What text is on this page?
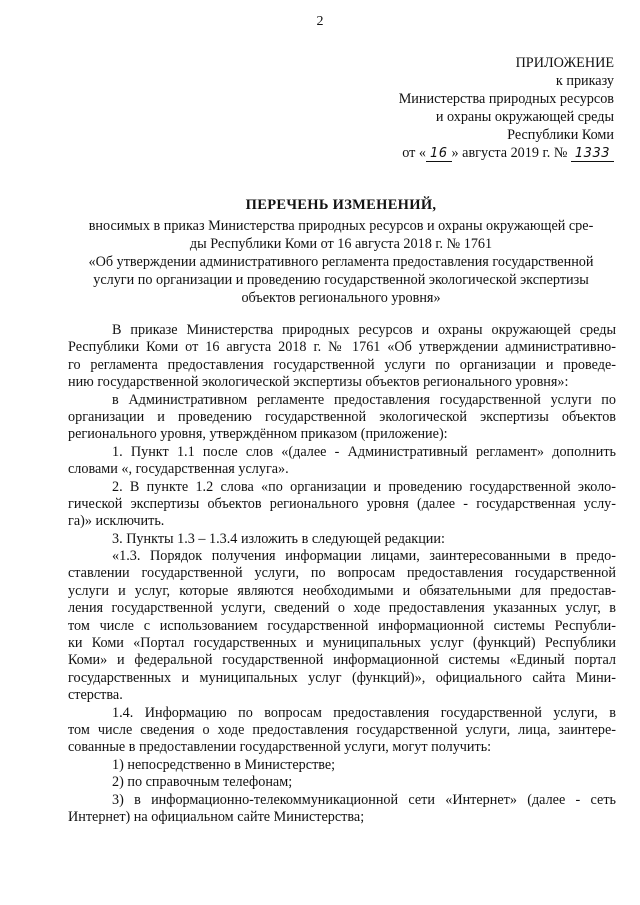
2
ПРИЛОЖЕНИЕ
к приказу
Министерства природных ресурсов
и охраны окружающей среды
Республики Коми
от « 16 » августа 2019 г. № 1333
ПЕРЕЧЕНЬ ИЗМЕНЕНИЙ,
вносимых в приказ Министерства природных ресурсов и охраны окружающей сре-
ды Республики Коми от 16 августа 2018 г. № 1761
«Об утверждении административного регламента предоставления государственной
услуги по организации и проведению государственной экологической экспертизы
объектов регионального уровня»
В приказе Министерства природных ресурсов и охраны окружающей среды
Республики Коми от 16 августа 2018 г. № 1761 «Об утверждении административно-
го регламента предоставления государственной услуги по организации и проведе-
нию государственной экологической экспертизы объектов регионального уровня»:
в Административном регламенте предоставления государственной услуги по
организации и проведению государственной экологической экспертизы объектов
регионального уровня, утверждённом приказом (приложение):
1. Пункт 1.1 после слов «(далее - Административный регламент» дополнить
словами «, государственная услуга».
2. В пункте 1.2 слова «по организации и проведению государственной эколо-
гической экспертизы объектов регионального уровня (далее - государственная услу-
га)» исключить.
3. Пункты 1.3 – 1.3.4 изложить в следующей редакции:
«1.3. Порядок получения информации лицами, заинтересованными в предо-
ставлении государственной услуги, по вопросам предоставления государственной
услуги и услуг, которые являются необходимыми и обязательными для предостав-
ления государственной услуги, сведений о ходе предоставления указанных услуг, в
том числе с использованием государственной информационной системы Республи-
ки Коми «Портал государственных и муниципальных услуг (функций) Республики
Коми» и федеральной государственной информационной системы «Единый портал
государственных и муниципальных услуг (функций)», официального сайта Мини-
стерства.
1.4. Информацию по вопросам предоставления государственной услуги, в
том числе сведения о ходе предоставления государственной услуги, лица, заинтере-
сованные в предоставлении государственной услуги, могут получить:
1) непосредственно в Министерстве;
2) по справочным телефонам;
3) в информационно-телекоммуникационной сети «Интернет» (далее - сеть
Интернет) на официальном сайте Министерства;
